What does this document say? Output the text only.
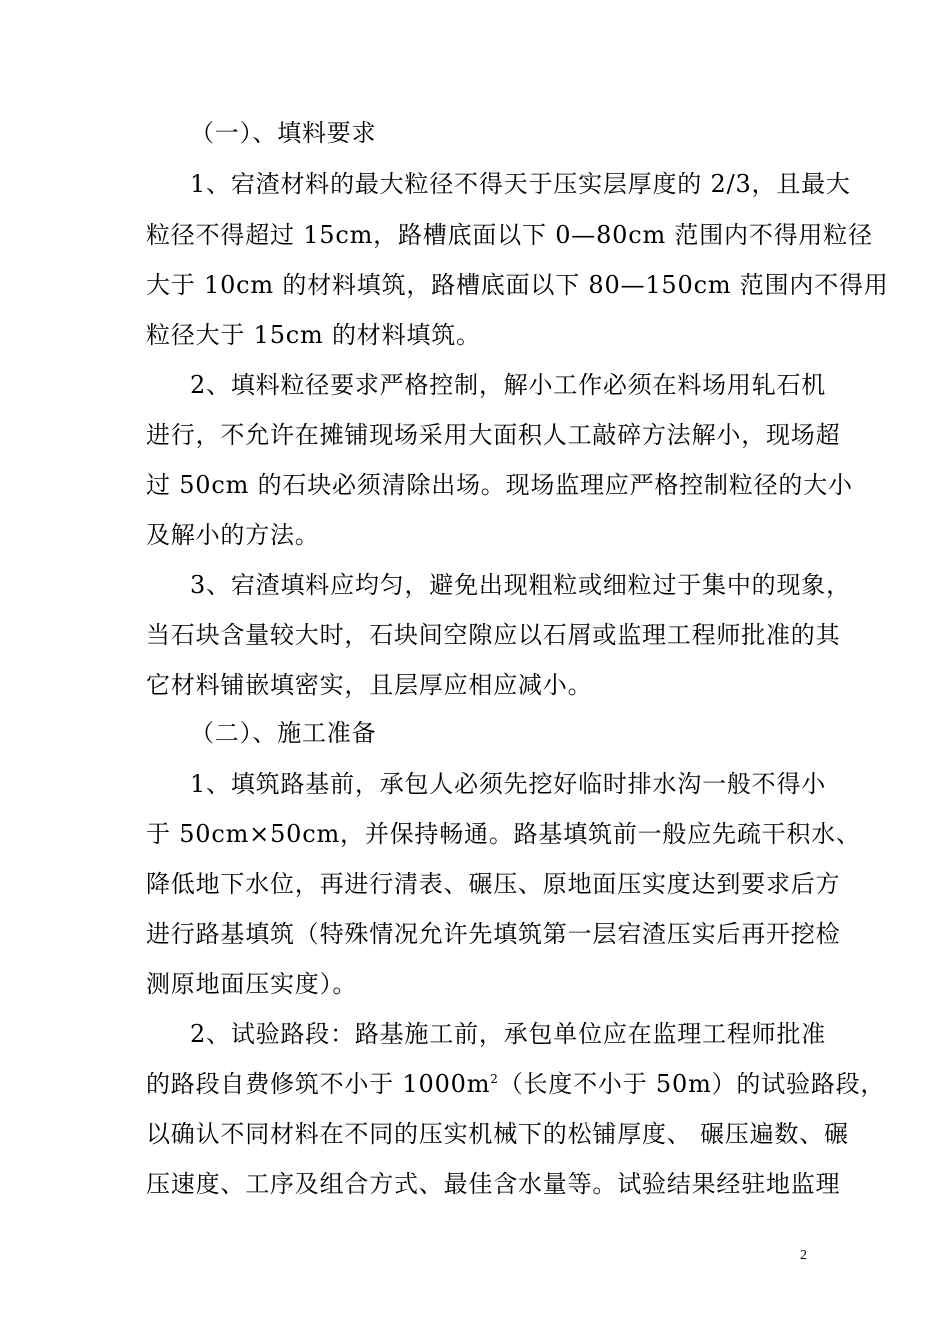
（一）、填料要求
1、宕渣材料的最大粒径不得天于压实层厚度的 2/3，且最大
粒径不得超过 15cm，路槽底面以下 0—80cm 范围内不得用粒径
大于 10cm 的材料填筑，路槽底面以下 80—150cm 范围内不得用
粒径大于 15cm 的材料填筑。
2、填料粒径要求严格控制，解小工作必须在料场用轧石机
进行，不允许在摊铺现场采用大面积人工敲碎方法解小，现场超
过 50cm 的石块必须清除出场。现场监理应严格控制粒径的大小
及解小的方法。
3、宕渣填料应均匀，避免出现粗粒或细粒过于集中的现象，
当石块含量较大时，石块间空隙应以石屑或监理工程师批准的其
它材料铺嵌填密实，且层厚应相应减小。
（二）、施工准备
1、填筑路基前，承包人必须先挖好临时排水沟一般不得小
于 50cm×50cm，并保持畅通。路基填筑前一般应先疏干积水、
降低地下水位，再进行清表、碾压、原地面压实度达到要求后方
进行路基填筑（特殊情况允许先填筑第一层宕渣压实后再开挖检
测原地面压实度）。
2、试验路段：路基施工前，承包单位应在监理工程师批准
的路段自费修筑不小于 $1000m^2$（长度不小于 50m）的试验路段，
以确认不同材料在不同的压实机械下的松铺厚度、 碾压遍数、碾
压速度、工序及组合方式、最佳含水量等。试验结果经驻地监理
2
